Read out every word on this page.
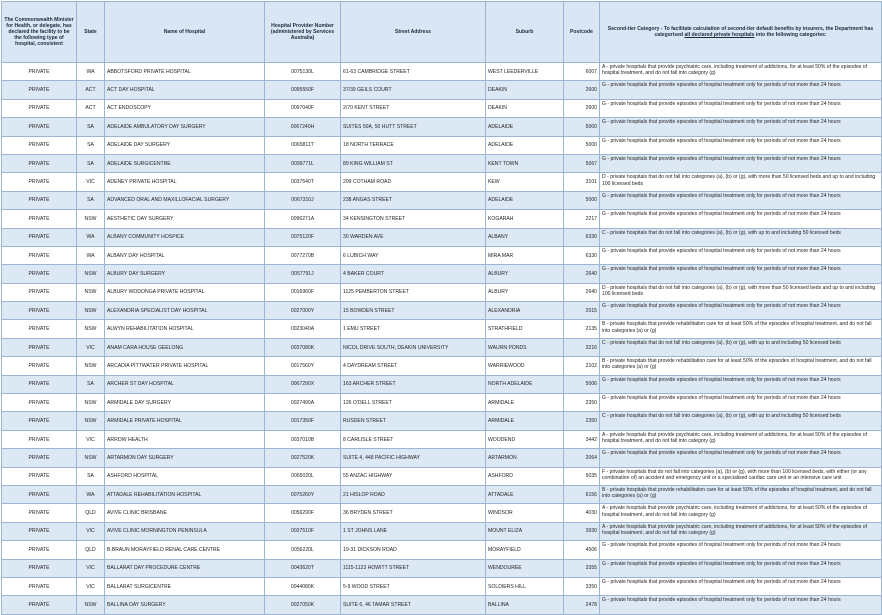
The Commonwealth Minister for Health, or delegate, has declared the facility to be the following type of hospital, consistent	State	Name of Hospital	Hospital Provider Number (administered by Services Australia)	Street Address	Suburb	Postcode	Second-tier Category - To facilitate calculation of second-tier default benefits by insurers, the Department has categorised all declared private hospitals into the following categories:
PRIVATE	WA	ABBOTSFORD PRIVATE HOSPITAL	0075130L	61-63 CAMBRIDGE STREET	WEST LEEDERVILLE	6007	A - private hospitals that provide psychiatric care, including treatment of addictions, for at least 50% of the episodes of hospital treatment, and do not fall into category (g)
PRIVATE	ACT	ACT DAY HOSPITAL	0095550F	37/39 GEILS COURT	DEAKIN	2600	G - private hospitals that provide episodes of hospital treatment only for periods of not more than 24 hours
PRIVATE	ACT	ACT ENDOSCOPY	0097040F	2/70 KENT STREET	DEAKIN	2600	G - private hospitals that provide episodes of hospital treatment only for periods of not more than 24 hours
PRIVATE	SA	ADELAIDE AMBULATORY DAY SURGERY	0067240H	SUITES 50A, 50 HUTT STREET	ADELAIDE	5000	G - private hospitals that provide episodes of hospital treatment only for periods of not more than 24 hours
PRIVATE	SA	ADELAIDE DAY SURGERY	0065811T	18 NORTH TERRACE	ADELAIDE	5000	G - private hospitals that provide episodes of hospital treatment only for periods of not more than 24 hours
PRIVATE	SA	ADELAIDE SURGICENTRE	0099771L	89 KING WILLIAM ST	KENT TOWN	5067	G - private hospitals that provide episodes of hospital treatment only for periods of not more than 24 hours
PRIVATE	VIC	ADENEY PRIVATE HOSPITAL	0037540T	209 COTHAM ROAD	KEW	3101	D - private hospitals that do not fall into categories (a), (b) or (g), with more than 50 licensed beds and up to and including 100 licensed beds
PRIVATE	SA	ADVANCED ORAL AND MAXILLOFACIAL SURGERY	0067310J	238 ANGAS STREET	ADELAIDE	5000	G - private hospitals that provide episodes of hospital treatment only for periods of not more than 24 hours
PRIVATE	NSW	AESTHETIC DAY SURGERY	0096271A	34 KENSINGTON STREET	KOGARAH	2217	G - private hospitals that provide episodes of hospital treatment only for periods of not more than 24 hours
PRIVATE	WA	ALBANY COMMUNITY HOSPICE	0075120F	30 WARDEN AVE	ALBANY	6330	C - private hospitals that do not fall into categories (a), (b) or (g), with up to and including 50 licensed beds
PRIVATE	WA	ALBANY DAY HOSPITAL	0077270B	6 LUBICH WAY	MIRA MAR	6330	G - private hospitals that provide episodes of hospital treatment only for periods of not more than 24 hours
PRIVATE	NSW	ALBURY DAY SURGERY	0057791J	4 BAKER COURT	ALBURY	2640	G - private hospitals that provide episodes of hospital treatment only for periods of not more than 24 hours
PRIVATE	NSW	ALBURY WODONGA PRIVATE HOSPITAL	0016960F	1125 PEMBERTON STREET	ALBURY	2640	D - private hospitals that do not fall into categories (a), (b) or (g), with more than 50 licensed beds and up to and including 100 licensed beds
PRIVATE	NSW	ALEXANDRIA SPECIALIST DAY HOSPITAL	0027000Y	15 BOWDEN STREET	ALEXANDRIA	2015	G - private hospitals that provide episodes of hospital treatment only for periods of not more than 24 hours
PRIVATE	NSW	ALWYN REHABILITATION HOSPITAL	0023040A	1 EMU STREET	STRATHFIELD	2135	B - private hospitals that provide rehabilitation care for at least 50% of the episodes of hospital treatment, and do not fall into categories (a) or (g)
PRIVATE	VIC	ANAM CARA HOUSE GEELONG	0037080K	NICOL DRIVE SOUTH, DEAKIN UNIVERSITY	WAURN PONDS	3216	C - private hospitals that do not fall into categories (a), (b) or (g), with up to and including 50 licensed beds
PRIVATE	NSW	ARCADIA PITTWATER PRIVATE HOSPITAL	0017560Y	4 DAYDREAM STREET	WARRIEWOOD	2102	B - private hospitals that provide rehabilitation care for at least 50% of the episodes of hospital treatment, and do not fall into categories (a) or (g)
PRIVATE	SA	ARCHER ST DAY HOSPITAL	0067290X	163 ARCHER STREET	NORTH ADELAIDE	5006	G - private hospitals that provide episodes of hospital treatment only for periods of not more than 24 hours
PRIVATE	NSW	ARMIDALE DAY SURGERY	0027490A	126 O'DELL STREET	ARMIDALE	2350	G - private hospitals that provide episodes of hospital treatment only for periods of not more than 24 hours
PRIVATE	NSW	ARMIDALE PRIVATE HOSPITAL	0017350F	RUSDEN STREET	ARMIDALE	2350	C - private hospitals that do not fall into categories (a), (b) or (g), with up to and including 50 licensed beds
PRIVATE	VIC	ARROW HEALTH	0037010B	8 CARLISLE STREET	WOODEND	3442	A - private hospitals that provide psychiatric care, including treatment of addictions, for at least 50% of the episodes of hospital treatment, and do not fall into category (g)
PRIVATE	NSW	ARTARMON DAY SURGERY	0027520K	SUITE 4, 448 PACIFIC HIGHWAY	ARTARMON	2064	G - private hospitals that provide episodes of hospital treatment only for periods of not more than 24 hours
PRIVATE	SA	ASHFORD HOSPITAL	0065020L	55 ANZAC HIGHWAY	ASHFORD	5035	F - private hospitals that do not fall into categories (a), (b) or (g), with more than 100 licensed beds, with either (or any combination of) an accident and emergency unit or a specialised cardiac care unit or an intensive care unit
PRIVATE	WA	ATTADALE REHABILITATION HOSPITAL	0075260Y	21 HISLOP ROAD	ATTADALE	6156	B - private hospitals that provide rehabilitation care for at least 50% of the episodes of hospital treatment, and do not fall into categories (a) or (g)
PRIVATE	QLD	AVIVE CLINIC BRISBANE	0056290F	36 BRYDEN STREET	WINDSOR	4030	A - private hospitals that provide psychiatric care, including treatment of addictions, for at least 50% of the episodes of hospital treatment, and do not fall into category (g)
PRIVATE	VIC	AVIVE CLINIC MORNINGTON PENINSULA	0037510F	1 ST JOHNS LANE	MOUNT ELIZA	3930	A - private hospitals that provide psychiatric care, including treatment of addictions, for at least 50% of the episodes of hospital treatment, and do not fall into category (g)
PRIVATE	QLD	B.BRAUN MORAYFIELD RENAL CARE CENTRE	0056220L	19-31 DICKSON ROAD	MORAYFIELD	4506	G - private hospitals that provide episodes of hospital treatment only for periods of not more than 24 hours
PRIVATE	VIC	BALLARAT DAY PROCEDURE CENTRE	0043620T	1115-1123 HOWITT STREET	WENDOUREE	3355	G - private hospitals that provide episodes of hospital treatment only for periods of not more than 24 hours
PRIVATE	VIC	BALLARAT SURGICENTRE	0044080K	5-9 WOOD STREET	SOLDIERS HILL	3350	G - private hospitals that provide episodes of hospital treatment only for periods of not more than 24 hours
PRIVATE	NSW	BALLINA DAY SURGERY	0027050K	SUITE 6, 46 TAMAR STREET	BALLINA	2478	G - private hospitals that provide episodes of hospital treatment only for periods of not more than 24 hours
